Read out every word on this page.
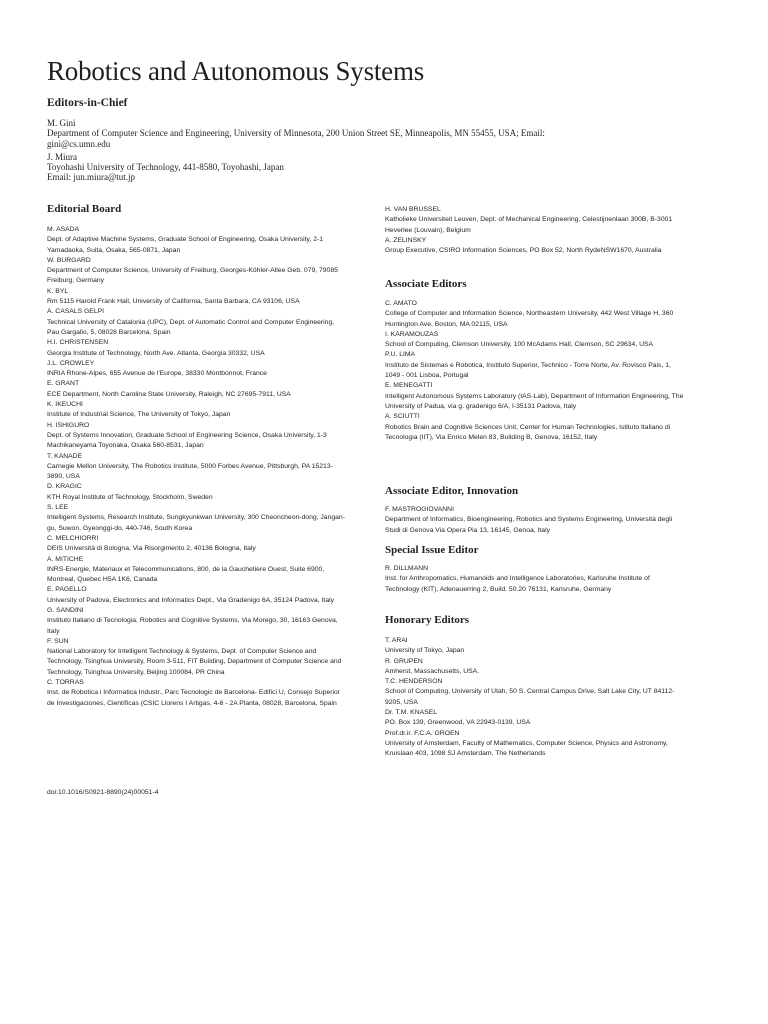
Robotics and Autonomous Systems
Editors-in-Chief
M. Gini
Department of Computer Science and Engineering, University of Minnesota, 200 Union Street SE, Minneapolis, MN 55455, USA; Email:
gini@cs.umn.edu
J. Miura
Toyohashi University of Technology, 441-8580, Toyohashi, Japan
Email: jun.miura@tut.jp
Editorial Board
M. ASADA
Dept. of Adaptive Machine Systems, Graduate School of Engineering, Osaka University, 2-1 Yamadaoka, Suita, Osaka, 565-0871, Japan
W. BURGARD
Department of Computer Science, University of Freiburg, Georges-Köhler-Allee Geb. 079, 79085 Freiburg, Germany
K. BYL
Rm 5115 Harold Frank Hall, University of California, Santa Barbara, CA 93106, USA
A. CASALS GELPI
Technical University of Catalonia (UPC), Dept. of Automatic Control and Computer Engineering, Pau Gargallo, 5, 08028 Barcelona, Spain
H.I. CHRISTENSEN
Georgia Institute of Technology, North Ave. Atlanta, Georgia 30332, USA
J.L. CROWLEY
INRIA Rhone-Alpes, 655 Avenue de l'Europe, 38330 Montbonnot, France
E. GRANT
ECE Department, North Carolina State University, Raleigh, NC 27695-7911, USA
K. IKEUCHI
Institute of Industrial Science, The University of Tokyo, Japan
H. ISHIGURO
Dept. of Systems Innovation, Graduate School of Engineering Science, Osaka University, 1-3 Machikaneyama Toyonaka, Osaka 560-8531, Japan
T. KANADE
Carnegie Mellon University, The Robotics Institute, 5000 Forbes Avenue, Pittsburgh, PA 15213-3890, USA
D. KRAGIC
KTH Royal Institute of Technology, Stockholm, Sweden
S. LEE
Intelligent Systems, Research Institute, Sungkyunkwan University, 300 Cheoncheon-dong, Jangan-gu, Suwon, Gyeonggi-do, 440-746, South Korea
C. MELCHIORRI
DEIS Università di Bologna, Via Risorgimento 2, 40136 Bologna, Italy
A. MITICHE
INRS-Energie, Materiaux et Telecommunications, 800, de la Gauchetiere Ouest, Suite 6900, Montreal, Quebec H5A 1K6, Canada
E. PAGELLO
University of Padova, Electronics and Informatics Dept., Via Gradenigo 6A, 35124 Padova, Italy
G. SANDINI
Instituto Italiano di Tecnologia, Robotics and Cognitive Systems, Via Morego, 30, 16163 Genova, Italy
F. SUN
National Laboratory for Intelligent Technology & Systems, Dept. of Computer Science and Technology, Tsinghua University, Room 3-511, FIT Building, Department of Computer Science and Technology, Tsinghua University, Beijing 100084, PR China
C. TORRAS
Inst. de Robotica i Informatica Industr., Parc Tecnologic de Barcelona- Edifici U, Consejo Superior de Investigaciones, Científicas (CSIC Llorens I Artigas, 4-6 - 2A Planta, 08028, Barcelona, Spain
H. VAN BRUSSEL
Katholieke Universiteit Leuven, Dept. of Mechanical Engineering, Celestijnenlaan 300B, B-3001 Heverlee (Louvain), Belgium
A. ZELINSKY
Group Executive, CSIRO Information Sciences, PO Box 52, North RydeNSW1670, Australia
Associate Editors
C. AMATO
College of Computer and Information Science, Northeastern University, 442 West Village H, 360 Huntington Ave, Boston, MA 02115, USA
I. KARAMOUZAS
School of Computing, Clemson University, 100 McAdams Hall, Clemson, SC 29634, USA
P.U. LIMA
Instituto de Sistemas e Robotica, Instituto Superior, Technico - Torre Norte, Av. Rovisco Pais, 1, 1049 - 001 Lisboa, Portugal
E. MENEGATTI
Intelligent Autonomous Systems Laboratory (IAS-Lab), Department of Information Engineering, The University of Padua, via g. gradenigo 6/A, I-35131 Padova, Italy
A. SCIUTTI
Robotics Brain and Cognitive Sciences Unit, Center for Human Technologies, Istituto Italiano di Tecnologia (IIT), Via Enrico Melen 83, Building B, Genova, 16152, Italy
Associate Editor, Innovation
F. MASTROGIOVANNI
Department of Informatics, Bioengineering, Robotics and Systems Engineering, Università degli Studi di Genova Via Opera Pia 13, 16145, Genoa, Italy
Special Issue Editor
R. DILLMANN
Inst. for Anthropomatics, Humanoids and Intelligence Laboratories, Karlsruhe Institute of Technology (KIT), Adenauerring 2, Build. 50.20 76131, Karlsruhe, Germany
Honorary Editors
T. ARAI
University of Tokyo, Japan
R. GRUPEN
Amherst, Massachusetts, USA.
T.C. HENDERSON
School of Computing, University of Utah, 50 S. Central Campus Drive, Salt Lake City, UT 84112-9205, USA
Dr. T.M. KNASEL
PO. Box 139, Greenwood, VA 22943-0139, USA
Prof.dr.ir. F.C.A. GROEN
University of Amsterdam, Faculty of Mathematics, Computer Science, Physics and Astronomy, Kruislaan 403, 1098 SJ Amsterdam, The Netherlands
doi:10.1016/S0921-8890(24)00051-4
